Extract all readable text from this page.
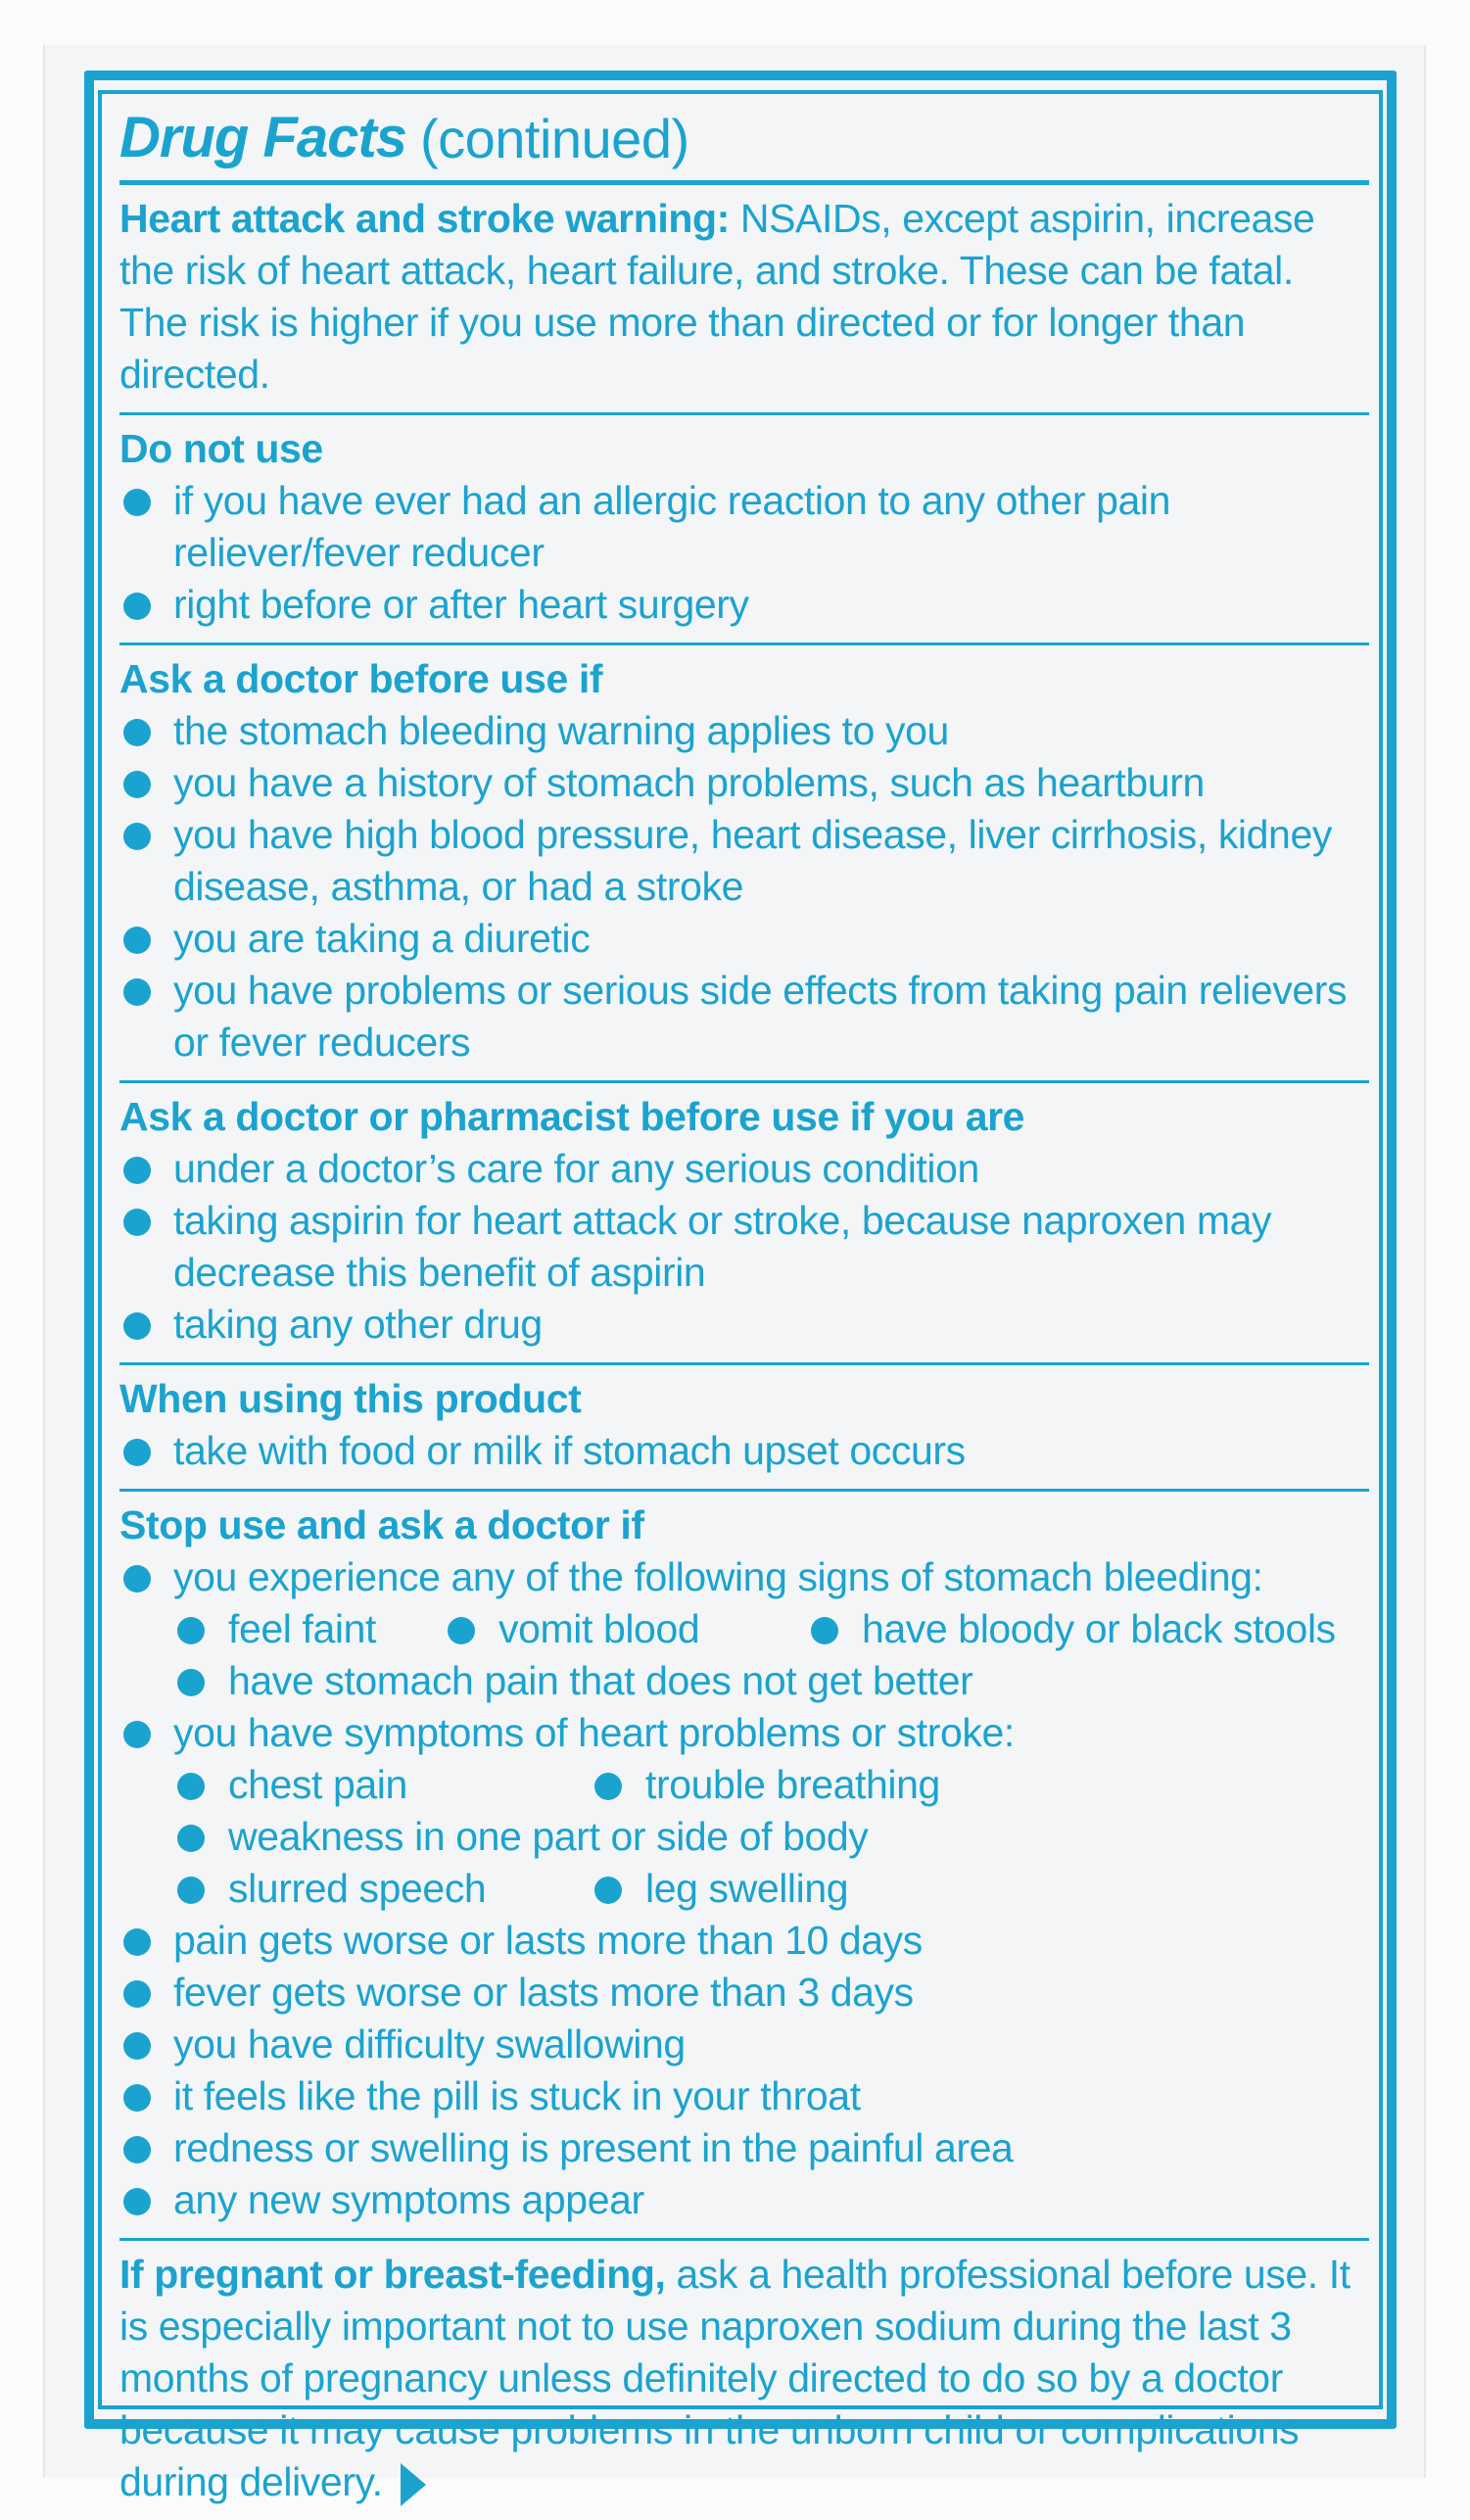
Drug Facts (continued)
Heart attack and stroke warning: NSAIDs, except aspirin, increase the risk of heart attack, heart failure, and stroke. These can be fatal. The risk is higher if you use more than directed or for longer than directed.
Do not use
if you have ever had an allergic reaction to any other pain reliever/fever reducer
right before or after heart surgery
Ask a doctor before use if
the stomach bleeding warning applies to you
you have a history of stomach problems, such as heartburn
you have high blood pressure, heart disease, liver cirrhosis, kidney disease, asthma, or had a stroke
you are taking a diuretic
you have problems or serious side effects from taking pain relievers or fever reducers
Ask a doctor or pharmacist before use if you are
under a doctor’s care for any serious condition
taking aspirin for heart attack or stroke, because naproxen may decrease this benefit of aspirin
taking any other drug
When using this product
take with food or milk if stomach upset occurs
Stop use and ask a doctor if
you experience any of the following signs of stomach bleeding:
feel faint	vomit blood	have bloody or black stools
have stomach pain that does not get better
you have symptoms of heart problems or stroke:
chest pain	trouble breathing
weakness in one part or side of body
slurred speech	leg swelling
pain gets worse or lasts more than 10 days
fever gets worse or lasts more than 3 days
you have difficulty swallowing
it feels like the pill is stuck in your throat
redness or swelling is present in the painful area
any new symptoms appear
If pregnant or breast-feeding, ask a health professional before use. It is especially important not to use naproxen sodium during the last 3 months of pregnancy unless definitely directed to do so by a doctor because it may cause problems in the unborn child or complications during delivery.
